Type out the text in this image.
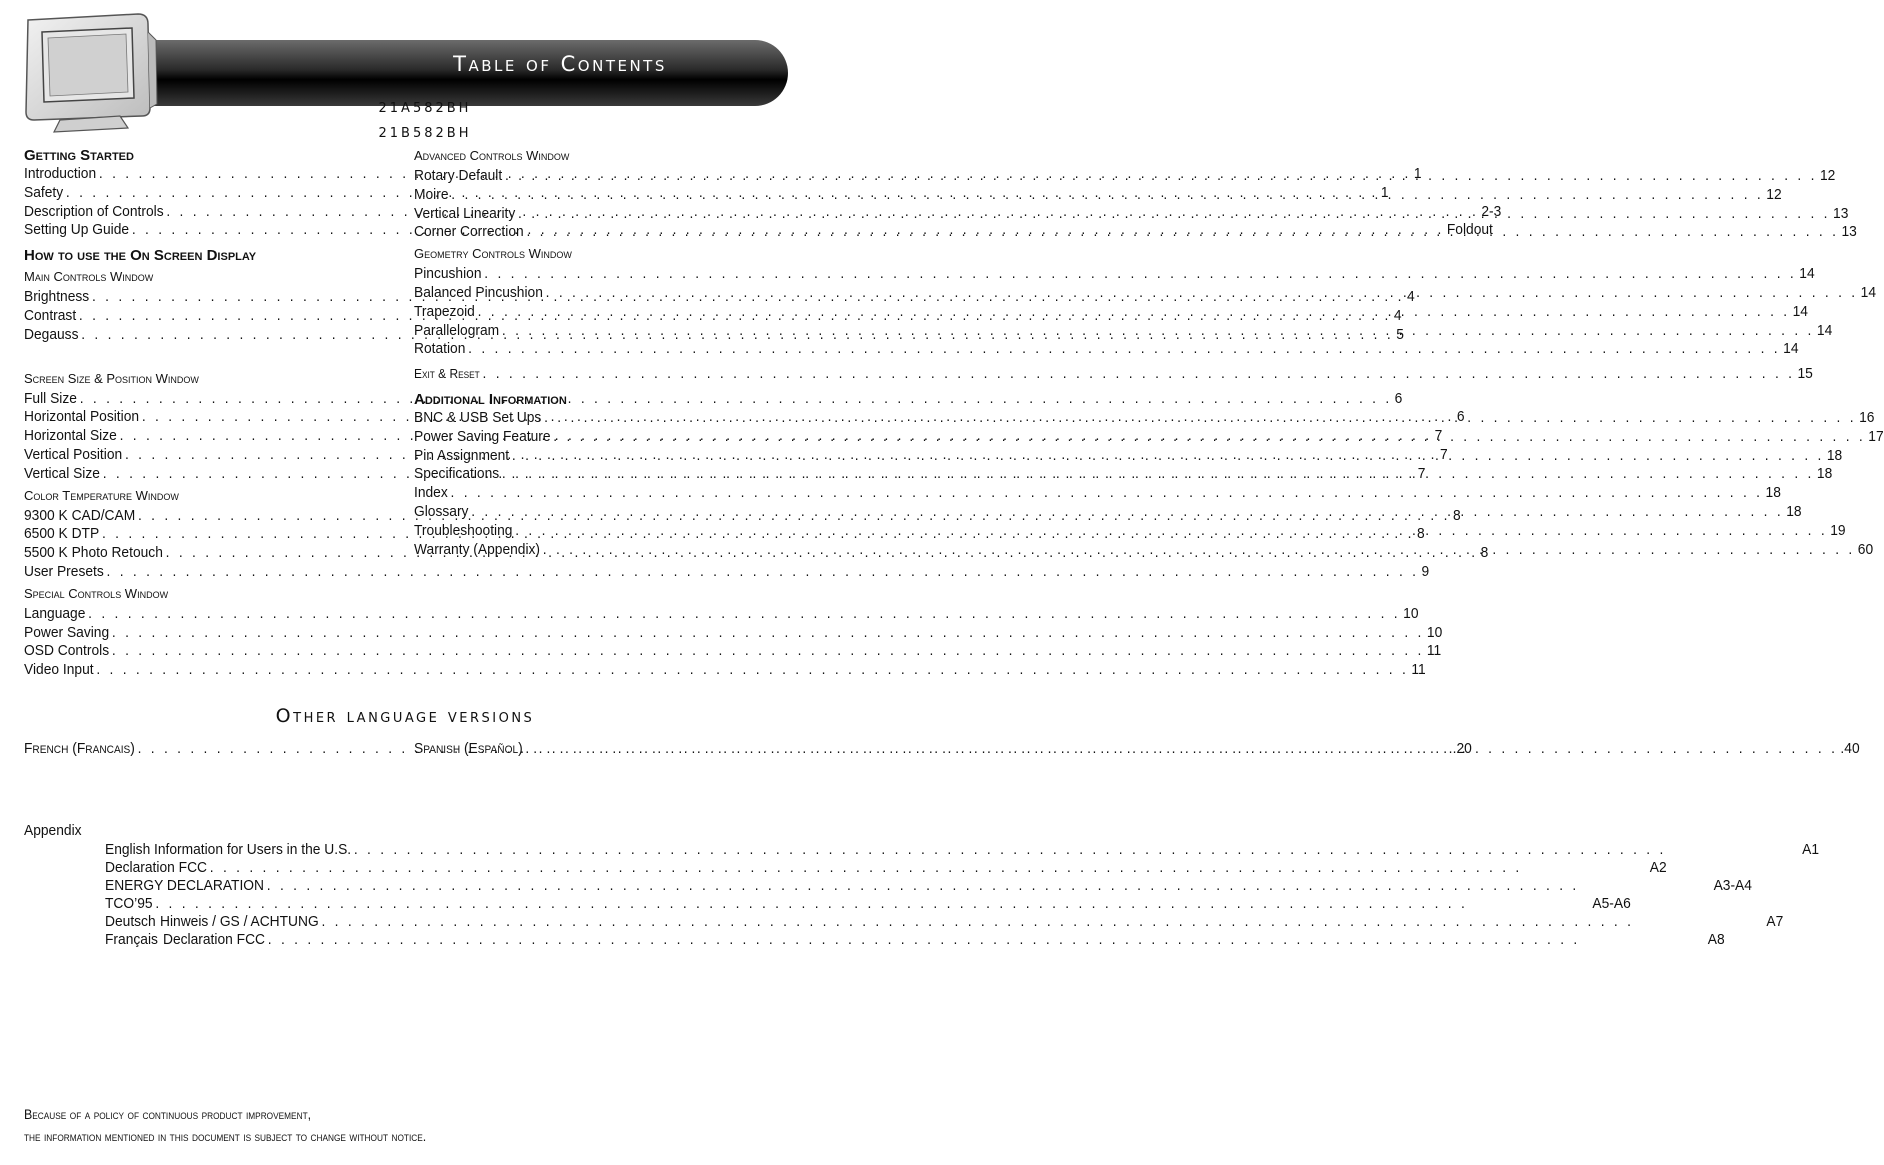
Table of Contents
21A582BH
21B582BH

Getting Started

Introduction . . .	1
Safety . . .	1
Description of Controls . . .	2-3
Setting Up Guide . . .	Foldout

How to use the On Screen Display

Main Controls Window

Brightness . . .	4
Contrast . . .	4
Degauss . . .	5

Screen Size & Position Window

Full Size . . .	6
Horizontal Position . . .	6
Horizontal Size . . .	7
Vertical Position . . .	7
Vertical Size . . .	7

Color Temperature Window

9300 K CAD/CAM . . .	8
6500 K DTP . . .	8
5500 K Photo Retouch . . .	8
User Presets . . .	9

Special Controls Window

Language . . .	10
Power Saving . . .	10
OSD Controls . . .	11
Video Input . . .	11

Advanced Controls Window

Rotary Default . . .	12
Moire . . .	12
Vertical Linearity . . .	13
Corner Correction . . .	13

Geometry Controls Window

Pincushion . . .	14
Balanced Pincushion . . .	14
Trapezoid . . .	14
Parallelogram . . .	14
Rotation . . .	14
Exit & Reset . . .	15

Additional Information

BNC & USB Set Ups . . .	16
Power Saving Feature . . .	17
Pin Assignment . . .	18
Specifications . . .	18
Index . . .	18
Glossary . . .	18
Troubleshooting . . .	19
Warranty (Appendix) . . .	60
Other language versions
French (Francais) . . .	.20
Spanish (Español) . . .	.40
Appendix
English Information for Users in the U.S. . . .	A1
Declaration FCC . . .	A2
ENERGY DECLARATION . . .	A3-A4
TCO’95 . . .	A5-A6
Deutsch Hinweis / GS / ACHTUNG . . .	A7
Français Declaration FCC . . .	A8

Because of a policy of continuous product improvement,

the information mentioned in this document is subject to change without notice.
